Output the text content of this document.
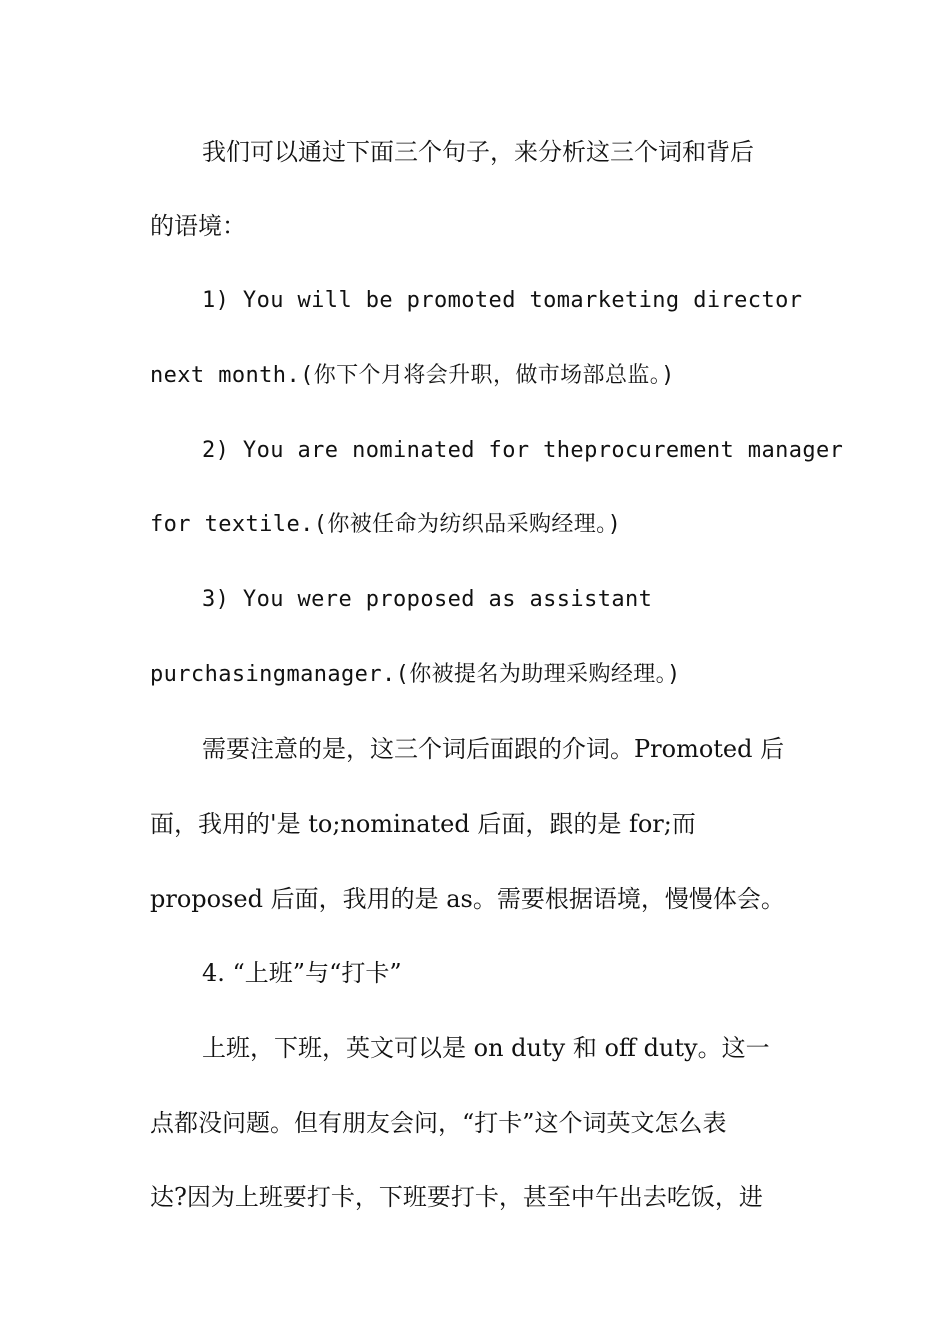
我们可以通过下面三个句子，来分析这三个词和背后
的语境：
1) You will be promoted tomarketing director
next month.(你下个月将会升职，做市场部总监。)
2) You are nominated for theprocurement manager
for textile.(你被任命为纺织品采购经理。)
3) You were proposed as assistant
purchasingmanager.(你被提名为助理采购经理。)
需要注意的是，这三个词后面跟的介词。Promoted 后
面，我用的'是 to;nominated 后面，跟的是 for;而
proposed 后面，我用的是 as。需要根据语境，慢慢体会。
4. “上班”与“打卡”
上班，下班，英文可以是 on duty 和 off duty。这一
点都没问题。但有朋友会问，“打卡”这个词英文怎么表
达?因为上班要打卡，下班要打卡，甚至中午出去吃饭，进
